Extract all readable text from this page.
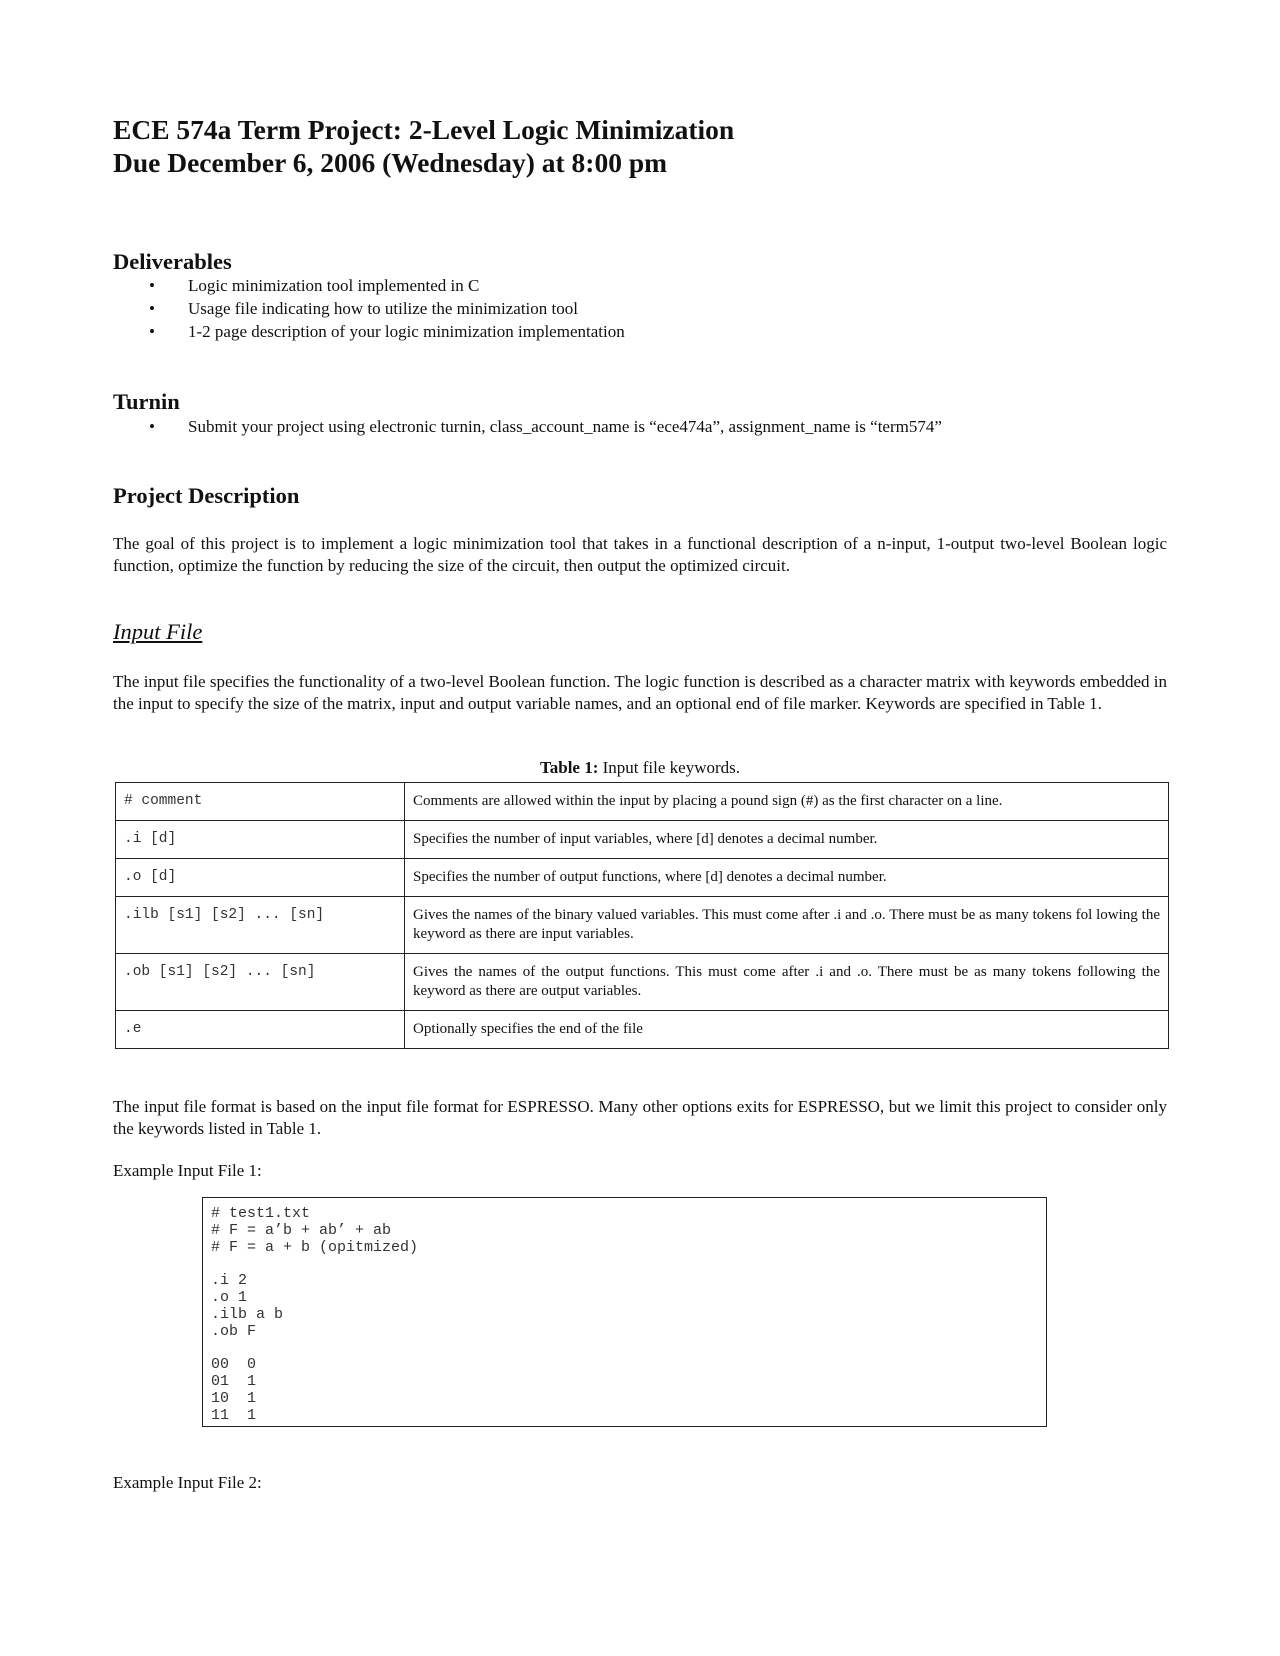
ECE 574a Term Project: 2-Level Logic Minimization
Due December 6, 2006 (Wednesday) at 8:00 pm
Deliverables
• Logic minimization tool implemented in C
• Usage file indicating how to utilize the minimization tool
• 1-2 page description of your logic minimization implementation
Turnin
• Submit your project using electronic turnin, class_account_name is “ece474a”, assignment_name is “term574”
Project Description

The goal of this project is to implement a logic minimization tool that takes in a functional description of a n-input, 1-output two-level Boolean logic function, optimize the function by reducing the size of the circuit, then output the optimized circuit.

Input File

The input file specifies the functionality of a two-level Boolean function. The logic function is described as a character matrix with keywords embedded in the input to specify the size of the matrix, input and output variable names, and an optional end of file marker. Keywords are specified in Table 1.

Table 1: Input file keywords.
# comment	Comments are allowed within the input by placing a pound sign (#) as the first character on a line.
.i [d]	Specifies the number of input variables, where [d] denotes a decimal number.
.o [d]	Specifies the number of output functions, where [d] denotes a decimal number.
.ilb [s1] [s2] ... [sn]	Gives the names of the binary valued variables. This must come after .i and .o. There must be as many tokens fol lowing the keyword as there are input variables.
.ob [s1] [s2] ... [sn]	Gives the names of the output functions. This must come after .i and .o. There must be as many tokens following the keyword as there are output variables.
.e	Optionally specifies the end of the file

The input file format is based on the input file format for ESPRESSO. Many other options exits for ESPRESSO, but we limit this project to consider only the keywords listed in Table 1.

Example Input File 1:

# test1.txt
# F = a’b + ab’ + ab
# F = a + b (opitmized)

.i 2
.o 1
.ilb a b
.ob F

00  0
01  1
10  1
11  1

Example Input File 2:
